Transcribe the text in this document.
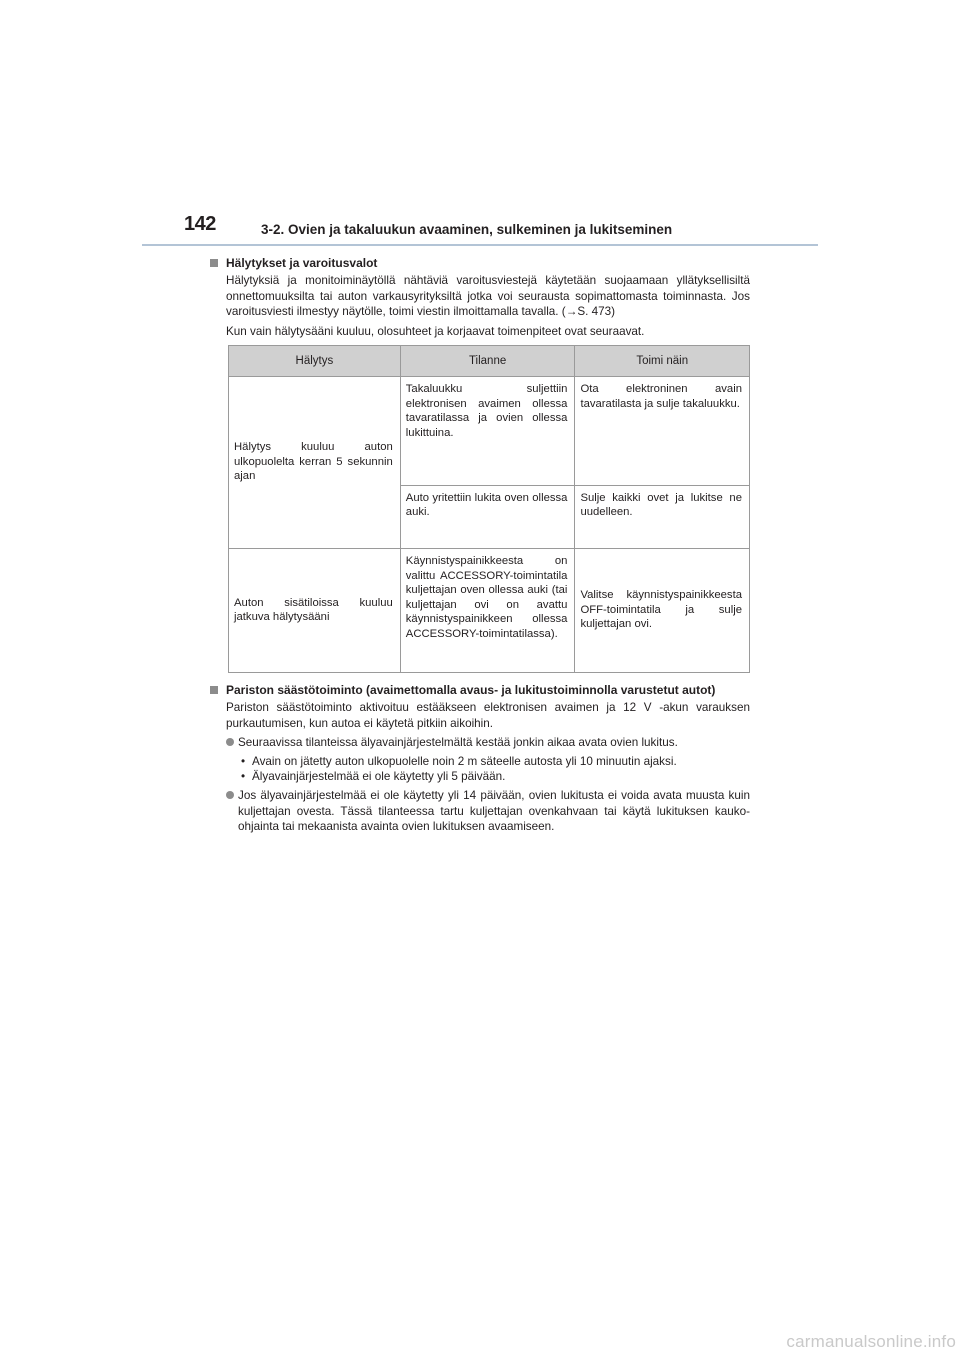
142	3-2. Ovien ja takaluukun avaaminen, sulkeminen ja lukitseminen

Hälytykset ja varoitusvalot

Hälytyksiä ja monitoiminäytöllä nähtäviä varoitusviestejä käytetään suojaamaan yllätyksellisiltä onnettomuuksilta tai auton varkausyrityksiltä jotka voi seurausta sopimattomasta toiminnasta. Jos varoitusviesti ilmestyy näytölle, toimi viestin ilmoittamalla tavalla. (→S. 473)

Kun vain hälytysääni kuuluu, olosuhteet ja korjaavat toimenpiteet ovat seuraavat.

Hälytys	Tilanne	Toimi näin
Hälytys kuuluu auton ulkopuolelta kerran 5 sekunnin ajan	Takaluukku suljettiin elektronisen avaimen ollessa tavaratilassa ja ovien ollessa lukittuina.	Ota elektroninen avain tavaratilasta ja sulje takaluukku.
	Auto yritettiin lukita oven ollessa auki.	Sulje kaikki ovet ja lukitse ne uudelleen.
Auton sisätiloissa kuuluu jatkuva hälytysääni	Käynnistyspainikkeesta on valittu ACCESSORY-toimintatila kuljettajan oven ollessa auki (tai kuljettajan ovi on avattu käynnistyspainikkeen ollessa ACCESSORY-toimintatilassa).	Valitse käynnistyspainikkeesta OFF-toimintatila ja sulje kuljettajan ovi.

Pariston säästötoiminto (avaimettomalla avaus- ja lukitustoiminnolla varustetut autot)

Pariston säästötoiminto aktivoituu estääkseen elektronisen avaimen ja 12 V -akun varauksen purkautumisen, kun autoa ei käytetä pitkiin aikoihin.

Seuraavissa tilanteissa älyavainjärjestelmältä kestää jonkin aikaa avata ovien lukitus.
• Avain on jätetty auton ulkopuolelle noin 2 m säteelle autosta yli 10 minuutin ajaksi.
• Älyavainjärjestelmää ei ole käytetty yli 5 päivään.
Jos älyavainjärjestelmää ei ole käytetty yli 14 päivään, ovien lukitusta ei voida avata muusta kuin kuljettajan ovesta. Tässä tilanteessa tartu kuljettajan ovenkahvaan tai käytä lukituksen kauko-ohjainta tai mekaanista avainta ovien lukituksen avaamiseen.
carmanualsonline.info
